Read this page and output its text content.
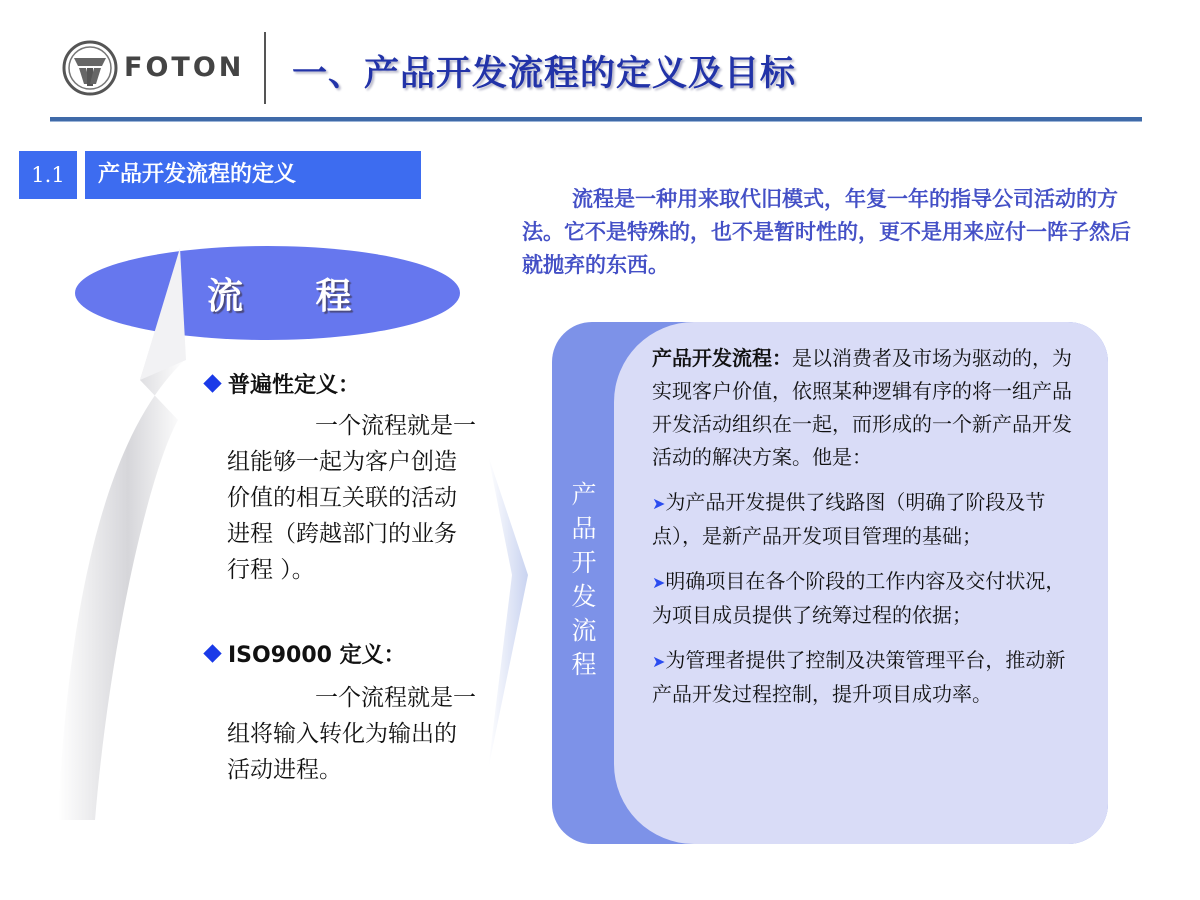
FOTON 一、产品开发流程的定义及目标
1.1	产品开发流程的定义
流程是一种用来取代旧模式，年复一年的指导公司活动的方法。它不是特殊的，也不是暂时性的，更不是用来应付一阵子然后就抛弃的东西。
流 程
普遍性定义：
一个流程就是一组能够一起为客户创造价值的相互关联的活动进程（跨越部门的业务行程 ）。
ISO9000 定义：
一个流程就是一组将输入转化为输出的活动进程。
产品开发流程

产品开发流程：是以消费者及市场为驱动的，为实现客户价值，依照某种逻辑有序的将一组产品开发活动组织在一起，而形成的一个新产品开发活动的解决方案。他是：

➤为产品开发提供了线路图（明确了阶段及节点），是新产品开发项目管理的基础；

➤明确项目在各个阶段的工作内容及交付状况，为项目成员提供了统筹过程的依据；

➤为管理者提供了控制及决策管理平台，推动新产品开发过程控制，提升项目成功率。
